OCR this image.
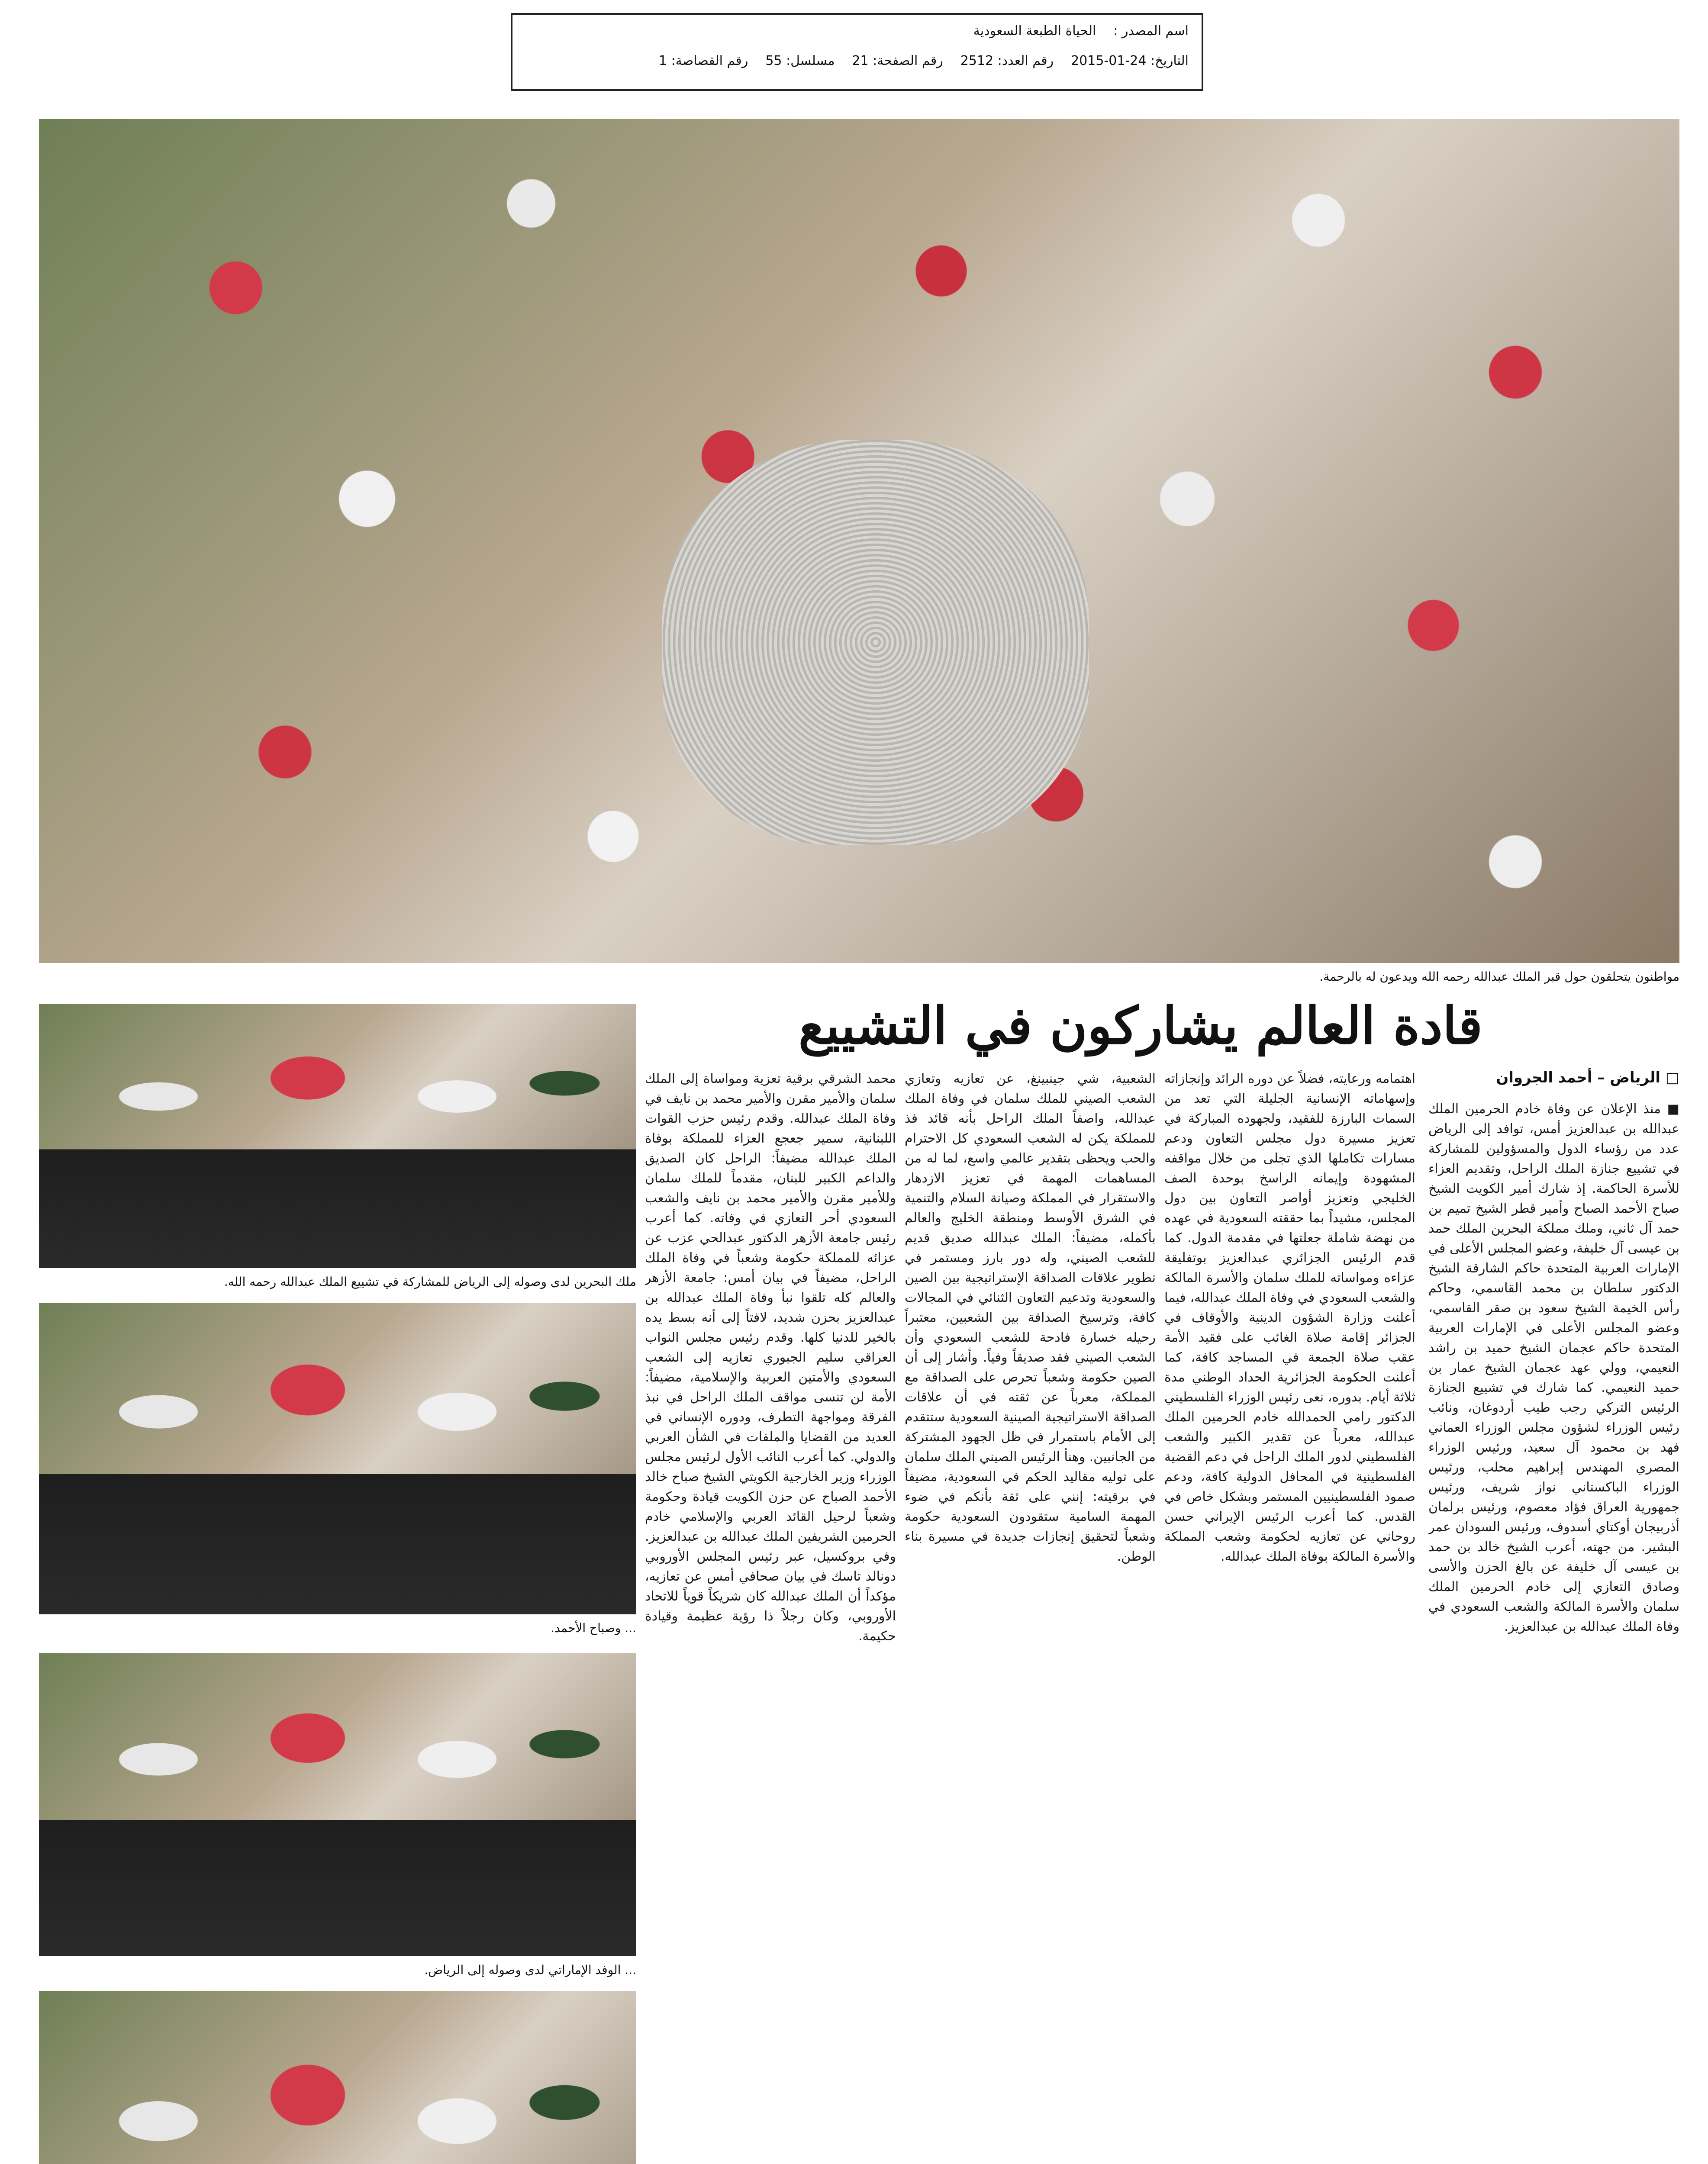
اسم المصدر :
الحياة الطبعة السعودية
التاريخ: 24-01-2015
رقم العدد: 2512
رقم الصفحة: 21
مسلسل: 55
رقم القصاصة: 1
مواطنون يتحلقون حول قبر الملك عبدالله رحمه الله ويدعون له بالرحمة.
قادة العالم يشاركون في التشييع
□ الرياض – أحمد الجروان

■ منذ الإعلان عن وفاة خادم الحرمين الملك عبدالله بن عبدالعزيز أمس، توافد إلى الرياض عدد من رؤساء الدول والمسؤولين للمشاركة في تشييع جنازة الملك الراحل، وتقديم العزاء للأسرة الحاكمة. إذ شارك أمير الكويت الشيخ صباح الأحمد الصباح وأمير قطر الشيخ تميم بن حمد آل ثاني، وملك مملكة البحرين الملك حمد بن عيسى آل خليفة، وعضو المجلس الأعلى في الإمارات العربية المتحدة حاكم الشارقة الشيخ الدكتور سلطان بن محمد القاسمي، وحاكم رأس الخيمة الشيخ سعود بن صقر القاسمي، وعضو المجلس الأعلى في الإمارات العربية المتحدة حاكم عجمان الشيخ حميد بن راشد النعيمي، وولي عهد عجمان الشيخ عمار بن حميد النعيمي. كما شارك في تشييع الجنازة الرئيس التركي رجب طيب أردوغان، ونائب رئيس الوزراء لشؤون مجلس الوزراء العماني فهد بن محمود آل سعيد، ورئيس الوزراء المصري المهندس إبراهيم محلب، ورئيس الوزراء الباكستاني نواز شريف، ورئيس جمهورية العراق فؤاد معصوم، ورئيس برلمان أذربيجان أوكتاي أسدوف، ورئيس السودان عمر البشير. من جهته، أعرب الشيخ خالد بن حمد بن عيسى آل خليفة عن بالغ الحزن والأسى وصادق التعازي إلى خادم الحرمين الملك سلمان والأسرة المالكة والشعب السعودي في وفاة الملك عبدالله بن عبدالعزيز.

اهتمامه ورعايته، فضلاً عن دوره الرائد وإنجازاته وإسهاماته الإنسانية الجليلة التي تعد من السمات البارزة للفقيد، ولجهوده المباركة في تعزيز مسيرة دول مجلس التعاون ودعم مسارات تكاملها الذي تجلى من خلال مواقفه المشهودة وإيمانه الراسخ بوحدة الصف الخليجي وتعزيز أواصر التعاون بين دول المجلس، مشيداً بما حققته السعودية في عهده من نهضة شاملة جعلتها في مقدمة الدول. كما قدم الرئيس الجزائري عبدالعزيز بوتفليقة عزاءه ومواساته للملك سلمان والأسرة المالكة والشعب السعودي في وفاة الملك عبدالله، فيما أعلنت وزارة الشؤون الدينية والأوقاف في الجزائر إقامة صلاة الغائب على فقيد الأمة عقب صلاة الجمعة في المساجد كافة، كما أعلنت الحكومة الجزائرية الحداد الوطني مدة ثلاثة أيام. بدوره، نعى رئيس الوزراء الفلسطيني الدكتور رامي الحمدالله خادم الحرمين الملك عبدالله، معرباً عن تقدير الكبير والشعب الفلسطيني لدور الملك الراحل في دعم القضية الفلسطينية في المحافل الدولية كافة، ودعم صمود الفلسطينيين المستمر وبشكل خاص في القدس. كما أعرب الرئيس الإيراني حسن روحاني عن تعازيه لحكومة وشعب المملكة والأسرة المالكة بوفاة الملك عبدالله.

الشعبية، شي جينبينغ، عن تعازيه وتعازي الشعب الصيني للملك سلمان في وفاة الملك عبدالله، واصفاً الملك الراحل بأنه قائد فذ للمملكة يكن له الشعب السعودي كل الاحترام والحب ويحظى بتقدير عالمي واسع، لما له من المساهمات المهمة في تعزيز الازدهار والاستقرار في المملكة وصيانة السلام والتنمية في الشرق الأوسط ومنطقة الخليج والعالم بأكمله، مضيفاً: الملك عبدالله صديق قديم للشعب الصيني، وله دور بارز ومستمر في تطوير علاقات الصداقة الإستراتيجية بين الصين والسعودية وتدعيم التعاون الثنائي في المجالات كافة، وترسيخ الصداقة بين الشعبين، معتبراً رحيله خسارة فادحة للشعب السعودي وأن الشعب الصيني فقد صديقاً وفياً. وأشار إلى أن الصين حكومة وشعباً تحرص على الصداقة مع المملكة، معرباً عن ثقته في أن علاقات الصداقة الاستراتيجية الصينية السعودية ستتقدم إلى الأمام باستمرار في ظل الجهود المشتركة من الجانبين. وهنأ الرئيس الصيني الملك سلمان على توليه مقاليد الحكم في السعودية، مضيفاً في برقيته: إنني على ثقة بأنكم في ضوء المهمة السامية ستقودون السعودية حكومة وشعباً لتحقيق إنجازات جديدة في مسيرة بناء الوطن.

محمد الشرقي برقية تعزية ومواساة إلى الملك سلمان والأمير مقرن والأمير محمد بن نايف في وفاة الملك عبدالله. وقدم رئيس حزب القوات اللبنانية، سمير جعجع العزاء للمملكة بوفاة الملك عبدالله مضيفاً: الراحل كان الصديق والداعم الكبير للبنان، مقدماً للملك سلمان وللأمير مقرن والأمير محمد بن نايف والشعب السعودي أحر التعازي في وفاته. كما أعرب رئيس جامعة الأزهر الدكتور عبدالحي عزب عن عزائه للمملكة حكومة وشعباً في وفاة الملك الراحل، مضيفاً في بيان أمس: جامعة الأزهر والعالم كله تلقوا نبأ وفاة الملك عبدالله بن عبدالعزيز بحزن شديد، لافتاً إلى أنه بسط يده بالخير للدنيا كلها. وقدم رئيس مجلس النواب العراقي سليم الجبوري تعازيه إلى الشعب السعودي والأمتين العربية والإسلامية، مضيفاً: الأمة لن تنسى مواقف الملك الراحل في نبذ الفرقة ومواجهة التطرف، ودوره الإنساني في العديد من القضايا والملفات في الشأن العربي والدولي. كما أعرب النائب الأول لرئيس مجلس الوزراء وزير الخارجية الكويتي الشيخ صباح خالد الأحمد الصباح عن حزن الكويت قيادة وحكومة وشعباً لرحيل القائد العربي والإسلامي خادم الحرمين الشريفين الملك عبدالله بن عبدالعزيز. وفي بروكسيل، عبر رئيس المجلس الأوروبي دونالد تاسك في بيان صحافي أمس عن تعازيه، مؤكداً أن الملك عبدالله كان شريكاً قوياً للاتحاد الأوروبي، وكان رجلاً ذا رؤية عظيمة وقيادة حكيمة.

ملك البحرين لدى وصوله إلى الرياض للمشاركة في تشييع الملك عبدالله رحمه الله.
... وصباح الأحمد.
... الوفد الإماراتي لدى وصوله إلى الرياض.
